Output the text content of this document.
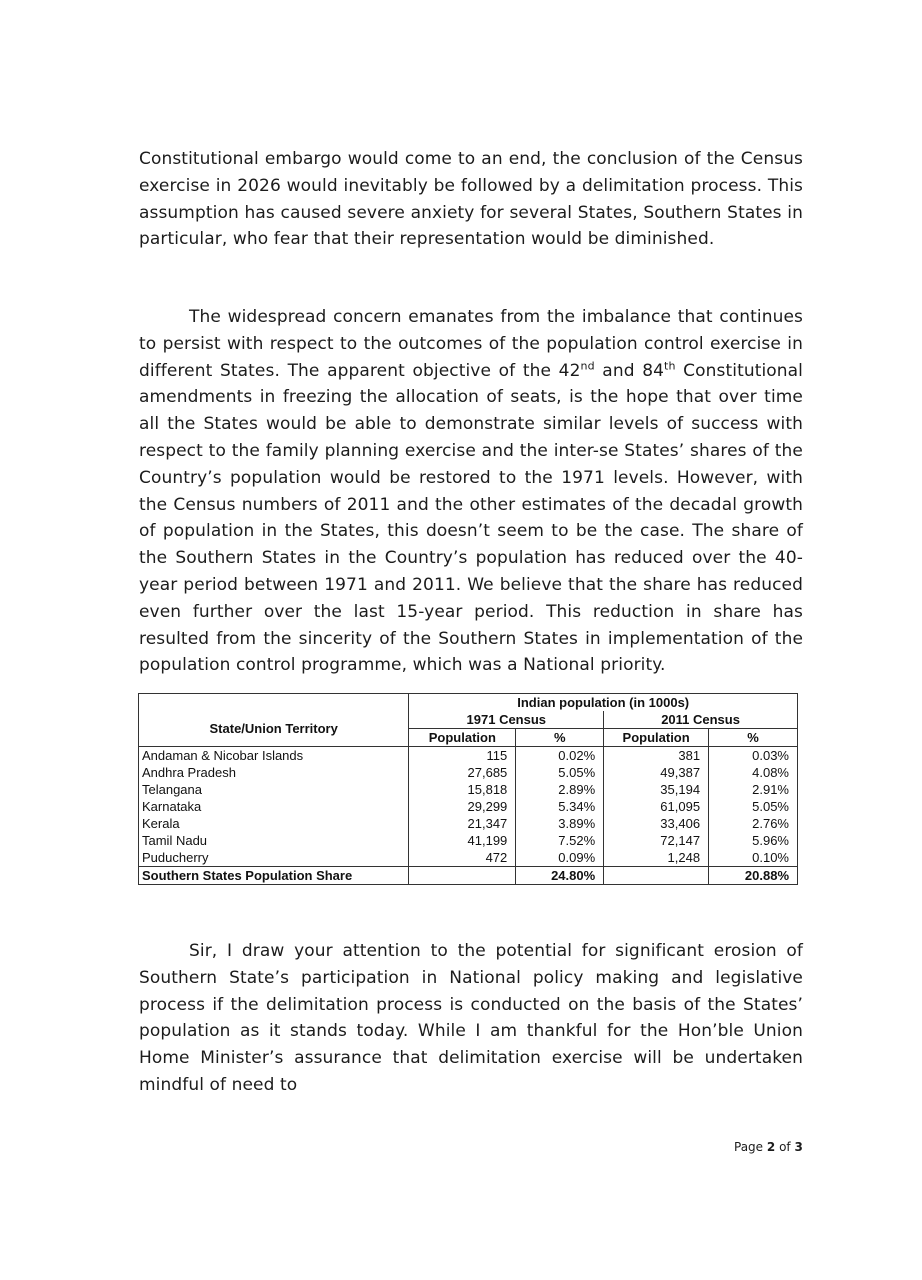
Constitutional embargo would come to an end, the conclusion of the Census exercise in 2026 would inevitably be followed by a delimitation process. This assumption has caused severe anxiety for several States, Southern States in particular, who fear that their representation would be diminished.

The widespread concern emanates from the imbalance that continues to persist with respect to the outcomes of the population control exercise in different States. The apparent objective of the 42nd and 84th Constitutional amendments in freezing the allocation of seats, is the hope that over time all the States would be able to demonstrate similar levels of success with respect to the family planning exercise and the inter-se States’ shares of the Country’s population would be restored to the 1971 levels. However, with the Census numbers of 2011 and the other estimates of the decadal growth of population in the States, this doesn’t seem to be the case. The share of the Southern States in the Country’s population has reduced over the 40-year period between 1971 and 2011. We believe that the share has reduced even further over the last 15-year period. This reduction in share has resulted from the sincerity of the Southern States in implementation of the population control programme, which was a National priority.

	Indian population (in 1000s)			
State/Union Territory	1971 Census		2011 Census	
	Population	%	Population	%
Andaman & Nicobar Islands	115	0.02%	381	0.03%
Andhra Pradesh	27,685	5.05%	49,387	4.08%
Telangana	15,818	2.89%	35,194	2.91%
Karnataka	29,299	5.34%	61,095	5.05%
Kerala	21,347	3.89%	33,406	2.76%
Tamil Nadu	41,199	7.52%	72,147	5.96%
Puducherry	472	0.09%	1,248	0.10%
Southern States Population Share		24.80%		20.88%

Sir, I draw your attention to the potential for significant erosion of Southern State’s participation in National policy making and legislative process if the delimitation process is conducted on the basis of the States’ population as it stands today. While I am thankful for the Hon’ble Union Home Minister’s assurance that delimitation exercise will be undertaken mindful of need to

Page 2 of 3
